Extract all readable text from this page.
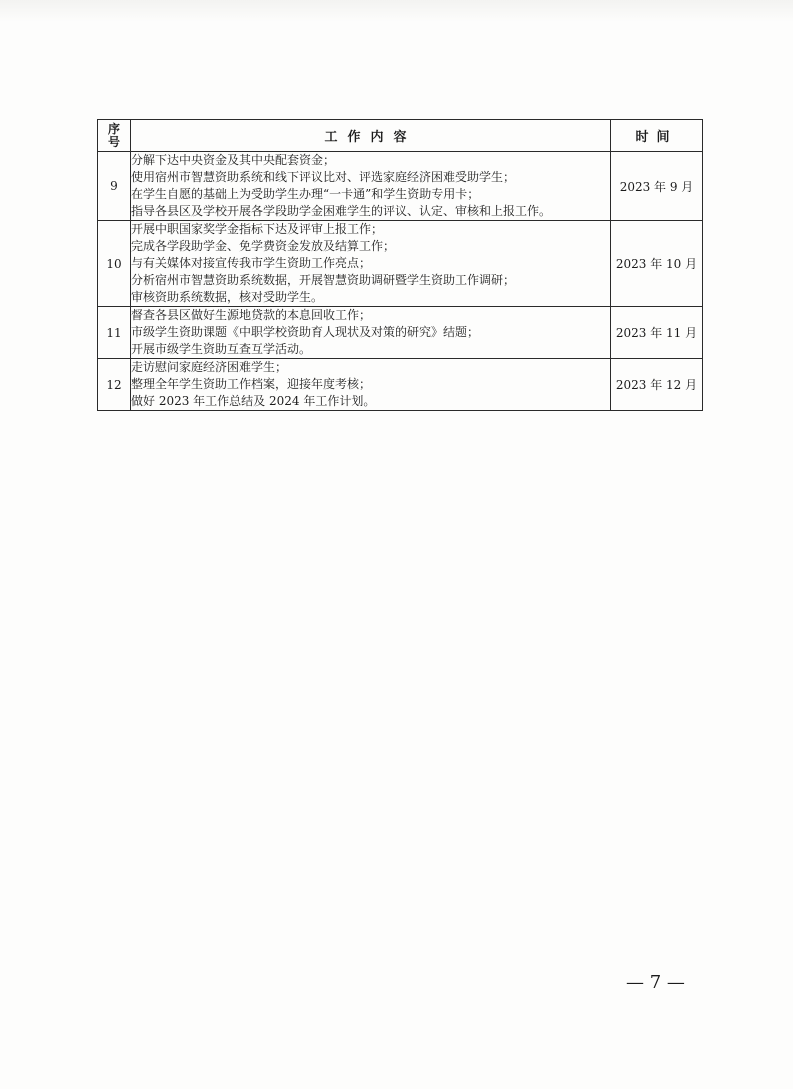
序
号	工作内容	时间
9	分解下达中央资金及其中央配套资金；
使用宿州市智慧资助系统和线下评议比对、评选家庭经济困难受助学生；
在学生自愿的基础上为受助学生办理“一卡通”和学生资助专用卡；
指导各县区及学校开展各学段助学金困难学生的评议、认定、审核和上报工作。	2023 年 9 月
10	开展中职国家奖学金指标下达及评审上报工作；
完成各学段助学金、免学费资金发放及结算工作；
与有关媒体对接宣传我市学生资助工作亮点；
分析宿州市智慧资助系统数据，开展智慧资助调研暨学生资助工作调研；
审核资助系统数据，核对受助学生。	2023 年 10 月
11	督查各县区做好生源地贷款的本息回收工作；
市级学生资助课题《中职学校资助育人现状及对策的研究》结题；
开展市级学生资助互查互学活动。	2023 年 11 月
12	走访慰问家庭经济困难学生；
整理全年学生资助工作档案，迎接年度考核；
做好 2023 年工作总结及 2024 年工作计划。	2023 年 12 月
— 7 —
